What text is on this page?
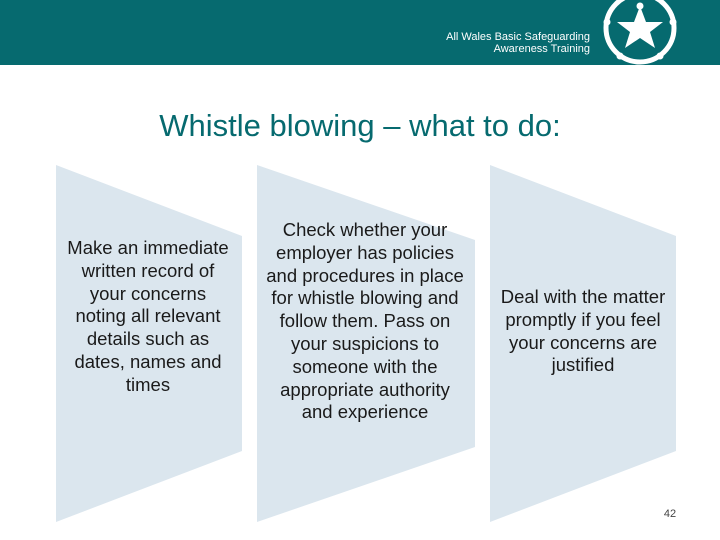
All Wales Basic Safeguarding
Awareness Training
Whistle blowing – what to do:
Make an immediate written record of your concerns noting all relevant details such as dates, names and times
Check whether your employer has policies and procedures in place for whistle blowing and follow them. Pass on your suspicions to someone with the appropriate authority and experience
Deal with the matter promptly if you feel your concerns are justified
42
